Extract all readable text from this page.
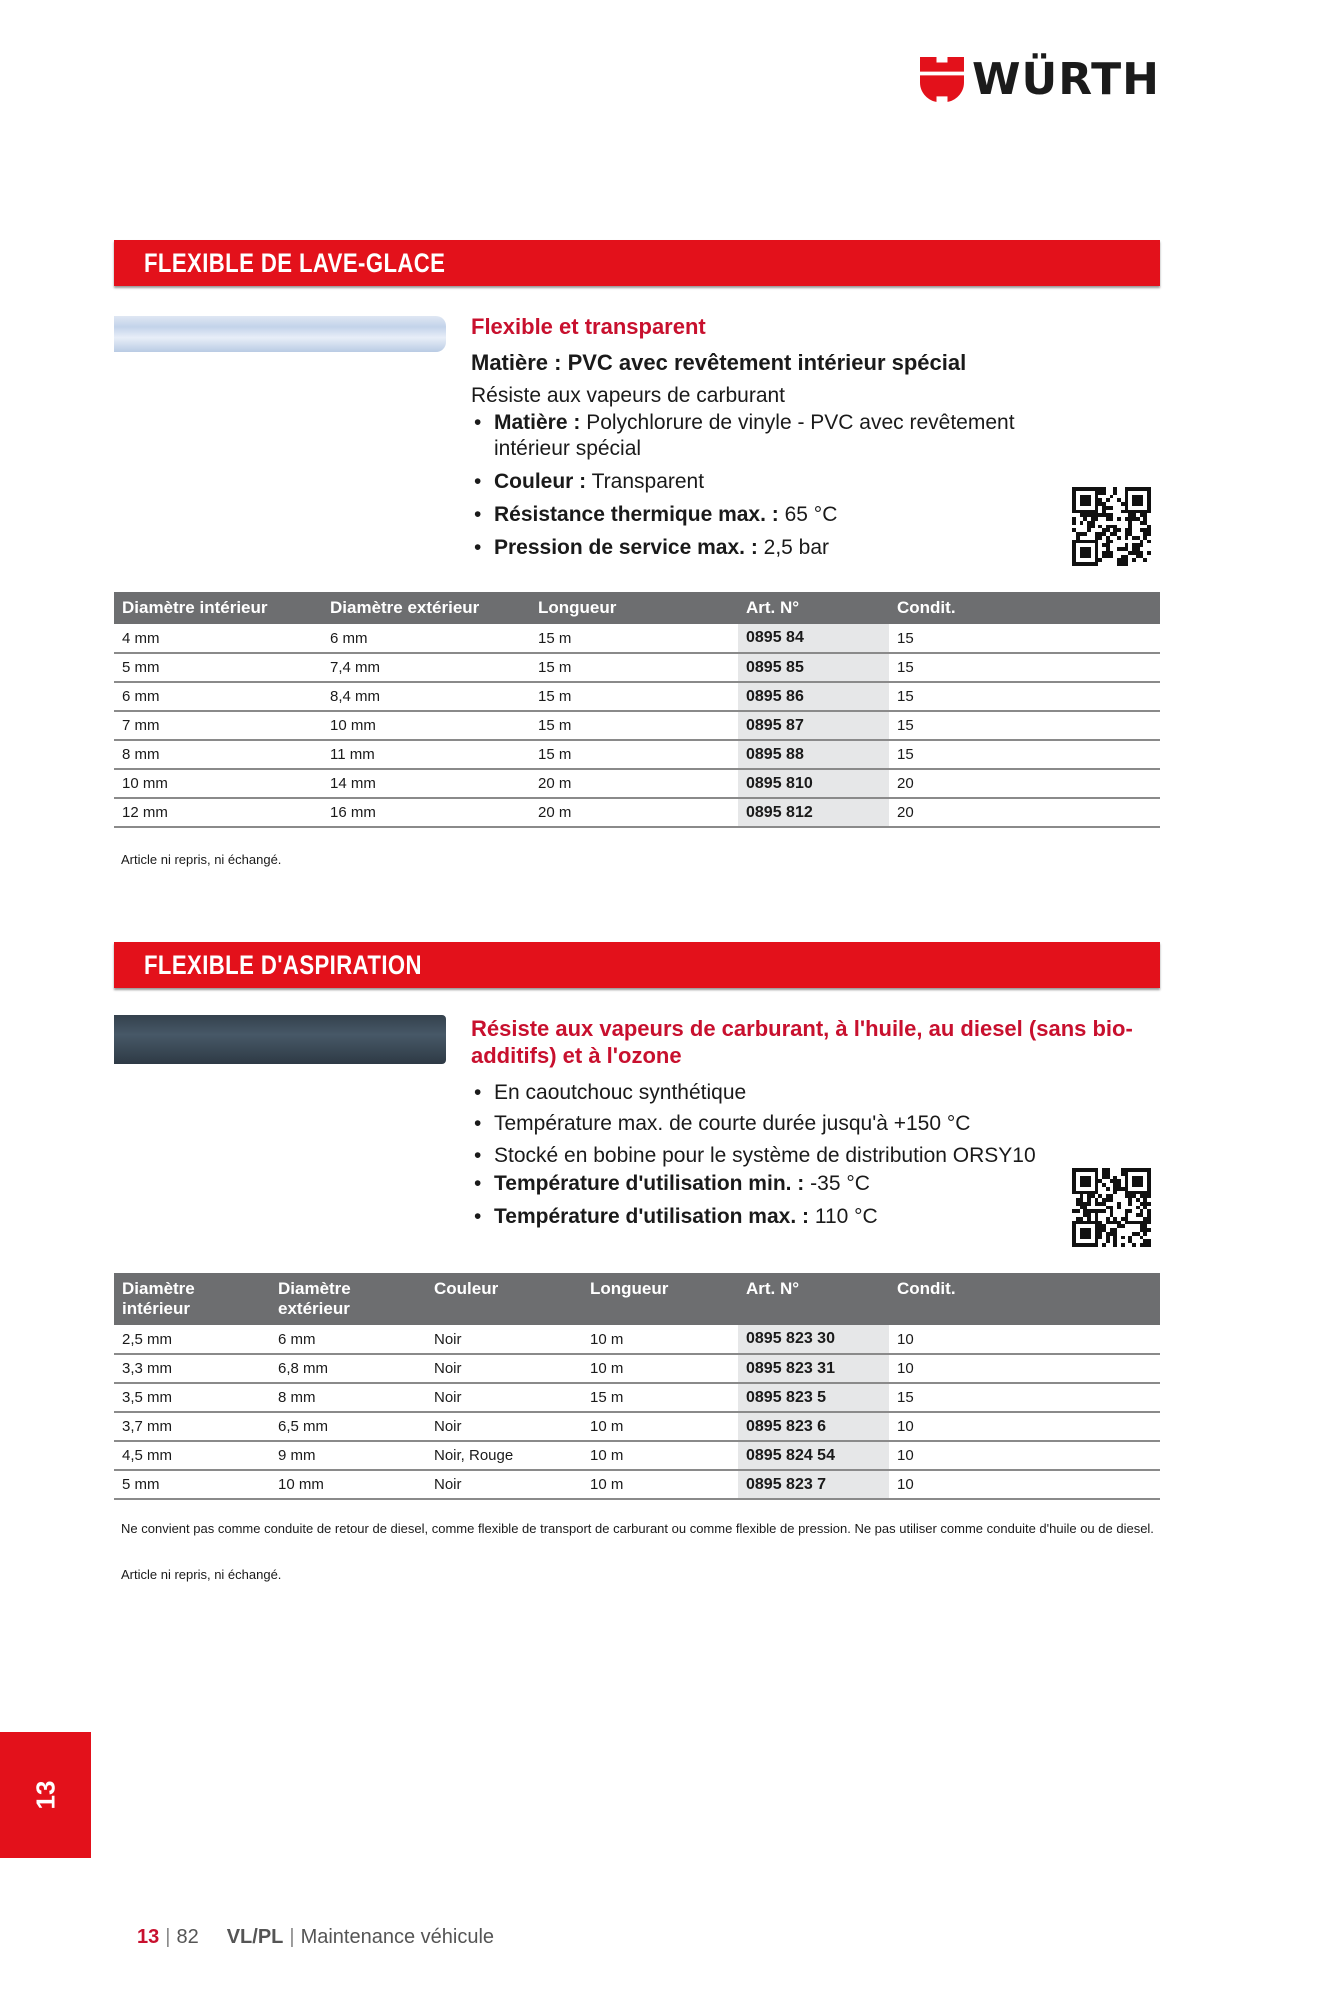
WÜRTH
FLEXIBLE DE LAVE-GLACE
Flexible et transparent
Matière : PVC avec revêtement intérieur spécial
Résiste aux vapeurs de carburant
• Matière : Polychlorure de vinyle - PVC avec revêtement intérieur spécial
• Couleur : Transparent
• Résistance thermique max. : 65 °C
• Pression de service max. : 2,5 bar
Diamètre intérieur	Diamètre extérieur	Longueur	Art. N°	Condit.
4 mm	6 mm	15 m	0895 84	15
5 mm	7,4 mm	15 m	0895 85	15
6 mm	8,4 mm	15 m	0895 86	15
7 mm	10 mm	15 m	0895 87	15
8 mm	11 mm	15 m	0895 88	15
10 mm	14 mm	20 m	0895 810	20
12 mm	16 mm	20 m	0895 812	20
Article ni repris, ni échangé.
FLEXIBLE D'ASPIRATION
Résiste aux vapeurs de carburant, à l'huile, au diesel (sans bio-additifs) et à l'ozone
• En caoutchouc synthétique
• Température max. de courte durée jusqu'à +150 °C
• Stocké en bobine pour le système de distribution ORSY10
• Température d'utilisation min. : -35 °C
• Température d'utilisation max. : 110 °C
Diamètre intérieur	Diamètre extérieur	Couleur	Longueur	Art. N°	Condit.
2,5 mm	6 mm	Noir	10 m	0895 823 30	10
3,3 mm	6,8 mm	Noir	10 m	0895 823 31	10
3,5 mm	8 mm	Noir	15 m	0895 823 5	15
3,7 mm	6,5 mm	Noir	10 m	0895 823 6	10
4,5 mm	9 mm	Noir, Rouge	10 m	0895 824 54	10
5 mm	10 mm	Noir	10 m	0895 823 7	10
Ne convient pas comme conduite de retour de diesel, comme flexible de transport de carburant ou comme flexible de pression. Ne pas utiliser comme conduite d'huile ou de diesel.
Article ni repris, ni échangé.
13
13 | 82 VL/PL | Maintenance véhicule
